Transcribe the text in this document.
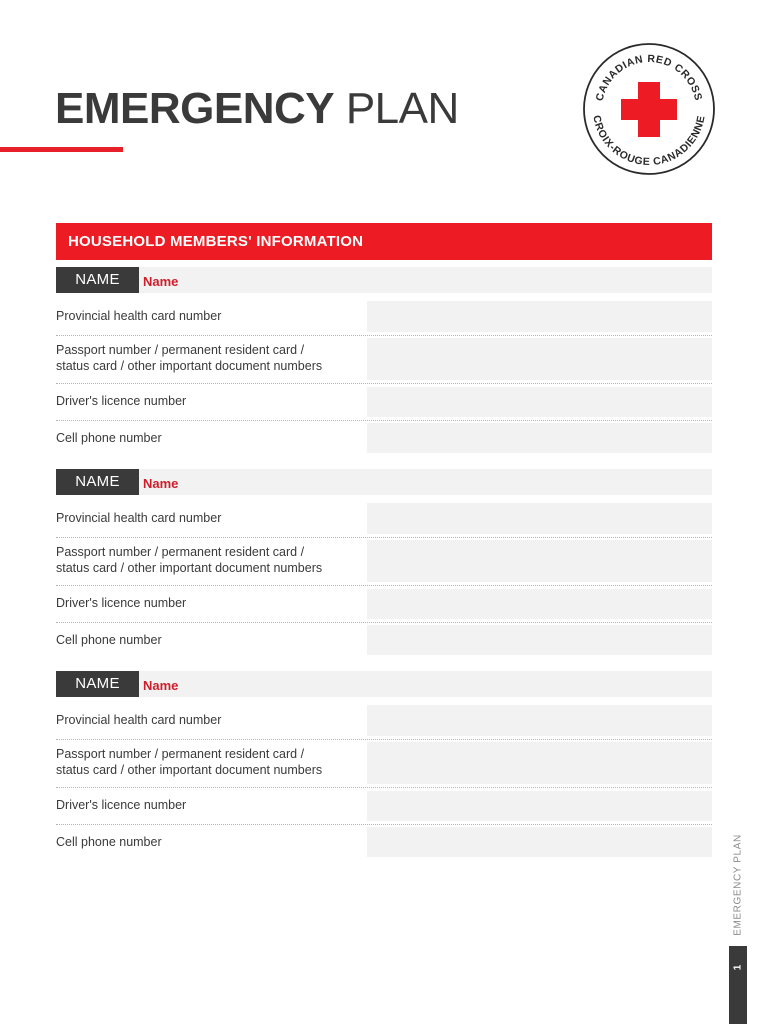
EMERGENCY PLAN	CANADIAN RED CROSS
CROIX-ROUGE CANADIENNE
HOUSEHOLD MEMBERS' INFORMATION
NAME	Name
Provincial health card number
Passport number / permanent resident card /
status card / other important document numbers
Driver's licence number
Cell phone number
NAME	Name
Provincial health card number
Passport number / permanent resident card /
status card / other important document numbers
Driver's licence number
Cell phone number
NAME	Name
Provincial health card number
Passport number / permanent resident card /
status card / other important document numbers
Driver's licence number
Cell phone number	EMERGENCY PLAN
1
